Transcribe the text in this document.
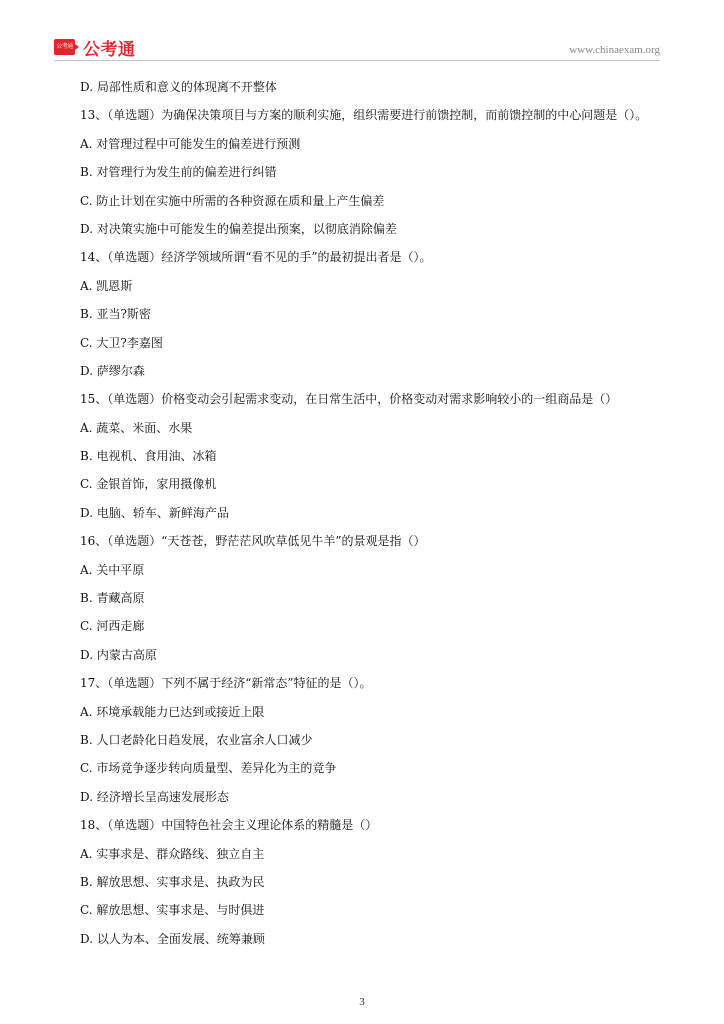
公考通 公考通	www.chinaexam.org
D. 局部性质和意义的体现离不开整体
13、（单选题）为确保决策项目与方案的顺利实施，组织需要进行前馈控制，而前馈控制的中心问题是（）。
A. 对管理过程中可能发生的偏差进行预测
B. 对管理行为发生前的偏差进行纠错
C. 防止计划在实施中所需的各种资源在质和量上产生偏差
D. 对决策实施中可能发生的偏差提出预案，以彻底消除偏差
14、（单选题）经济学领域所谓“看不见的手”的最初提出者是（）。
A. 凯恩斯
B. 亚当?斯密
C. 大卫?李嘉图
D. 萨缪尔森
15、（单选题）价格变动会引起需求变动，在日常生活中，价格变动对需求影响较小的一组商品是（）
A. 蔬菜、米面、水果
B. 电视机、食用油、冰箱
C. 金银首饰，家用摄像机
D. 电脑、轿车、新鲜海产品
16、（单选题）“天苍苍，野茫茫风吹草低见牛羊”的景观是指（）
A. 关中平原
B. 青藏高原
C. 河西走廊
D. 内蒙古高原
17、（单选题）下列不属于经济“新常态”特征的是（）。
A. 环境承载能力已达到或接近上限
B. 人口老龄化日趋发展，农业富余人口减少
C. 市场竞争逐步转向质量型、差异化为主的竞争
D. 经济增长呈高速发展形态
18、（单选题）中国特色社会主义理论体系的精髓是（）
A. 实事求是、群众路线、独立自主
B. 解放思想、实事求是、执政为民
C. 解放思想、实事求是、与时俱进
D. 以人为本、全面发展、统筹兼顾
3
